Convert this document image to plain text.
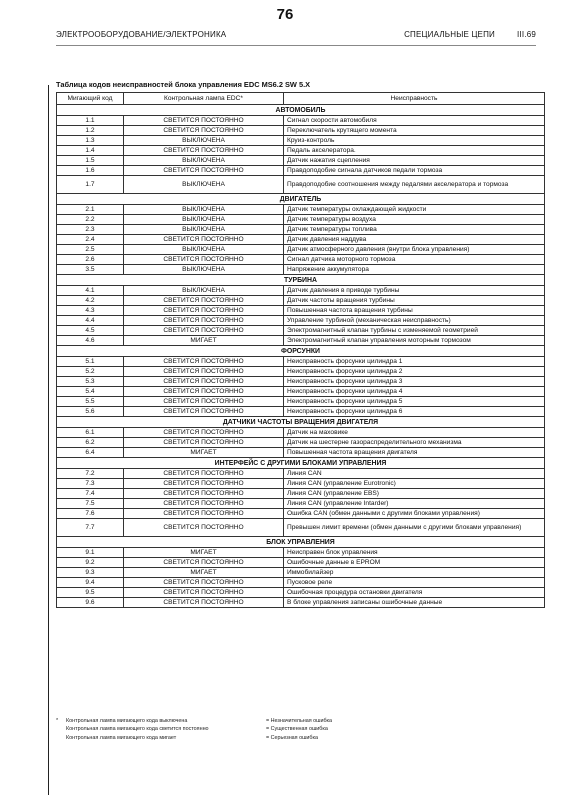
76
ЭЛЕКТРООБОРУДОВАНИЕ/ЭЛЕКТРОНИКА	СПЕЦИАЛЬНЫЕ ЦЕПИ	III.69
Таблица кодов неисправностей блока управления EDC MS6.2 SW 5.X
Мигающий код	Контрольная лампа EDC*	Неисправность
АВТОМОБИЛЬ		
1.1	СВЕТИТСЯ ПОСТОЯННО	Сигнал скорости автомобиля
1.2	СВЕТИТСЯ ПОСТОЯННО	Переключатель крутящего момента
1.3	ВЫКЛЮЧЕНА	Круиз-контроль
1.4	СВЕТИТСЯ ПОСТОЯННО	Педаль акселератора.
1.5	ВЫКЛЮЧЕНА	Датчик нажатия сцепления
1.6	СВЕТИТСЯ ПОСТОЯННО	Правдоподобие сигнала датчиков педали тормоза
1.7	ВЫКЛЮЧЕНА	Правдоподобие соотношения между педалями акселератора и тормоза
ДВИГАТЕЛЬ		
2.1	ВЫКЛЮЧЕНА	Датчик температуры охлаждающей жидкости
2.2	ВЫКЛЮЧЕНА	Датчик температуры воздуха
2.3	ВЫКЛЮЧЕНА	Датчик температуры топлива
2.4	СВЕТИТСЯ ПОСТОЯННО	Датчик давления наддува
2.5	ВЫКЛЮЧЕНА	Датчик атмосферного давления (внутри блока управления)
2.6	СВЕТИТСЯ ПОСТОЯННО	Сигнал датчика моторного тормоза
3.5	ВЫКЛЮЧЕНА	Напряжение аккумулятора
ТУРБИНА		
4.1	ВЫКЛЮЧЕНА	Датчик давления в приводе турбины
4.2	СВЕТИТСЯ ПОСТОЯННО	Датчик частоты вращения турбины
4.3	СВЕТИТСЯ ПОСТОЯННО	Повышенная частота вращения турбины
4.4	СВЕТИТСЯ ПОСТОЯННО	Управление турбиной (механическая неисправность)
4.5	СВЕТИТСЯ ПОСТОЯННО	Электромагнитный клапан турбины с изменяемой геометрией
4.6	МИГАЕТ	Электромагнитный клапан управления моторным тормозом
ФОРСУНКИ		
5.1	СВЕТИТСЯ ПОСТОЯННО	Неисправность форсунки цилиндра 1
5.2	СВЕТИТСЯ ПОСТОЯННО	Неисправность форсунки цилиндра 2
5.3	СВЕТИТСЯ ПОСТОЯННО	Неисправность форсунки цилиндра 3
5.4	СВЕТИТСЯ ПОСТОЯННО	Неисправность форсунки цилиндра 4
5.5	СВЕТИТСЯ ПОСТОЯННО	Неисправность форсунки цилиндра 5
5.6	СВЕТИТСЯ ПОСТОЯННО	Неисправность форсунки цилиндра 6
ДАТЧИКИ ЧАСТОТЫ ВРАЩЕНИЯ ДВИГАТЕЛЯ		
6.1	СВЕТИТСЯ ПОСТОЯННО	Датчик на маховике
6.2	СВЕТИТСЯ ПОСТОЯННО	Датчик на шестерне газораспределительного механизма
6.4	МИГАЕТ	Повышенная частота вращения двигателя
ИНТЕРФЕЙС С ДРУГИМИ БЛОКАМИ УПРАВЛЕНИЯ		
7.2	СВЕТИТСЯ ПОСТОЯННО	Линия CAN
7.3	СВЕТИТСЯ ПОСТОЯННО	Линия CAN (управление Eurotronic)
7.4	СВЕТИТСЯ ПОСТОЯННО	Линия CAN (управление EBS)
7.5	СВЕТИТСЯ ПОСТОЯННО	Линия CAN (управление Intarder)
7.6	СВЕТИТСЯ ПОСТОЯННО	Ошибка CAN (обмен данными с другими блоками управления)
7.7	СВЕТИТСЯ ПОСТОЯННО	Превышен лимит времени (обмен данными с другими блоками управления)
БЛОК УПРАВЛЕНИЯ		
9.1	МИГАЕТ	Неисправен блок управления
9.2	СВЕТИТСЯ ПОСТОЯННО	Ошибочные данные в EPROM
9.3	МИГАЕТ	Иммобилайзер
9.4	СВЕТИТСЯ ПОСТОЯННО	Пусковое реле
9.5	СВЕТИТСЯ ПОСТОЯННО	Ошибочная процедура остановки двигателя
9.6	СВЕТИТСЯ ПОСТОЯННО	В блоке управления записаны ошибочные данные
*	Контрольная лампа мигающего кода выключена	= Незначительная ошибка
Контрольная лампа мигающего кода светится постоянно	= Существенная ошибка
Контрольная лампа мигающего кода мигает	= Серьезная ошибка
